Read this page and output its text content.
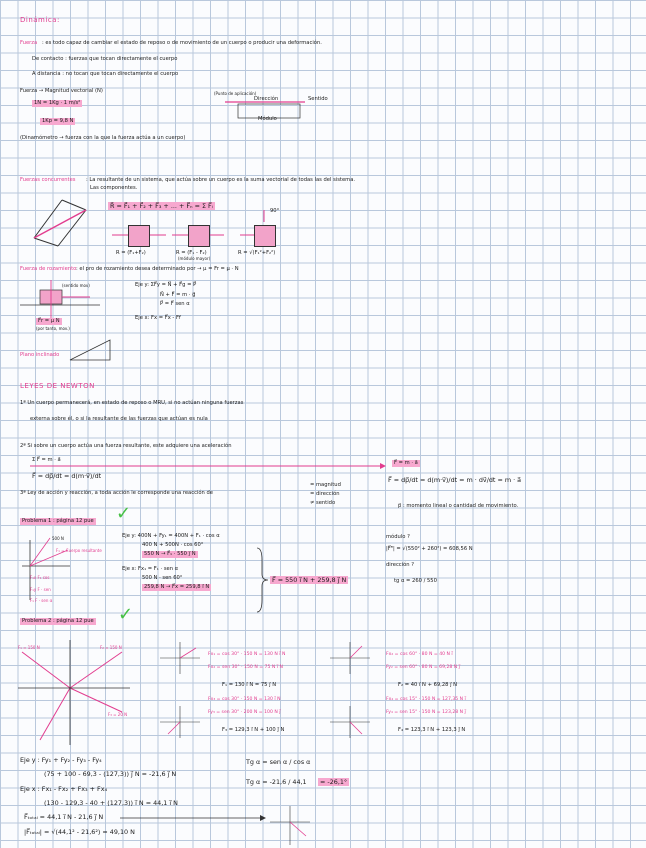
Dinámica:
Fuerza : es todo capaz de cambiar el estado de reposo o de movimiento de un cuerpo o producir una deformación.
De contacto : fuerzas que tocan directamente el cuerpo
A distancia : no tocan que tocan directamente el cuerpo
Fuerza → Magnitud vectorial (N)
1N = 1Kg · 1 m/s²
1Kp = 9,8 N
(Punto de aplicación)
Dirección	Sentido
Módulo
(Dinamómetro → fuerza con la que la fuerza actúa a un cuerpo)
Fuerzas concurrentes : La resultante de un sistema, que actúa sobre un cuerpo es la suma vectorial de todas las del sistema.
Las componentes.
R⃗ = F⃗₁ + F⃗₂ + F⃗₃ + ... + F⃗ₙ = Σ F⃗ᵢ
90°
R = (F₁+F₂)	R = (F₁ - F₂)
(módulo mayor)
R = √(F₁²+F₂²)
Fuerza de rozamiento : el pro de rozamiento desea determinado por → μ = Fr = μ · N
(sentido mov)	Eje y: ΣF⃗y = N⃗ + F⃗g = P⃗
N⃗ + F⃗ = m · g⃗
P⃗ = F⃗ sen α
Eje x: Fx = F⃗x - Fr⃗
F⃗r = μ N
(por tanto, mov.)
Plano inclinado
LEYES DE NEWTON
1ª Un cuerpo permanecerá, en estado de reposo o MRU, si no actúan ninguna fuerzas
externa sobre él, o si la resultante de las fuerzas que actúan es nula
2ª Si sobre un cuerpo actúa una fuerza resultante, este adquiere una aceleración
Σ F⃗ = m · a⃗
F⃗ = dp⃗/dt = d(m·v⃗)/dt
F⃗ = m · a⃗
F⃗ = dp⃗/dt = d(m·v⃗)/dt = m · dv⃗/dt = m · a⃗
3ª Ley de acción y reacción, a toda acción le corresponde una reacción de
= magnitud
= dirección
≠ sentido	p⃗ : momento lineal o cantidad de movimiento.
✓
Problema 1 : página 12 pue
500 N
F₁ = Cuerpo resultante
F₁x F₁ cos
F₁y F · sen
F₁ F · sen α
Eje y: 400N + Fy₁ = 400N + F₁ · cos α
400 N + 500N · cos 60°
550 N → F⃗₁ · 550 j⃗ N
Eje x: Fx₁ = F₁ · sen α
500 N · sen 60°
259,8 N → F⃗x = 259,8 i⃗ N
F⃗ = 550 i⃗ N + 259,8 j⃗ N
módulo ?
|F⃗ᴿ| = √(550² + 260²) = 608,56 N
dirección ?
tg α = 260 / 550
✓
Problema 2 : página 12 pue
F₁ = 150 N	F₂ = 150 N
F₃ = 20 N
Fx₁ = cos 30° · 150 N = 130 N i⃗ N
Fx₂ = sen 30° · 150 N = 75 N i⃗ N
F₁ = 130 i⃗ N = 75 j⃗ N
Fx₃ = cos 30° · 150 N = 130 i⃗ N
Fy₃ = sen 30° · 200 N = 100 N j⃗
F₃ = 129,3 i⃗ N + 100 j⃗ N
Fx₂ = cos 60° · 80 N = 40 N i⃗
Fy₂ = sen 60° · 80 N = 69,28 N j⃗
F₂ = 40 i⃗ N + 69,28 j⃗ N
Fx₄ = cos 15° · 150 N = 127,35 N i⃗
Fy₄ = sen 15° · 150 N = 123,28 N j⃗
F₄ = 123,3 i⃗ N + 123,3 j⃗ N
Eje y : Fy₁ + Fy₂ - Fy₃ - Fy₄
(75 + 100 - 69,3 - (127,3)) j⃗ N = -21,6 j⃗ N
Eje x : Fx₁ - Fx₂ + Fx₃ + Fx₄
(130 - 129,3 - 40 + (127,3)) i⃗ N = 44,1 i⃗ N
F⃗ₜₒₜₐₗ = 44,1 i⃗ N - 21,6 j⃗ N
|F⃗ₜₒₜₐₗ| = √(44,1² - 21,6²) = 49,10 N
Tg α = sen α / cos α
Tg α = -21,6 / 44,1	= -26,1°
